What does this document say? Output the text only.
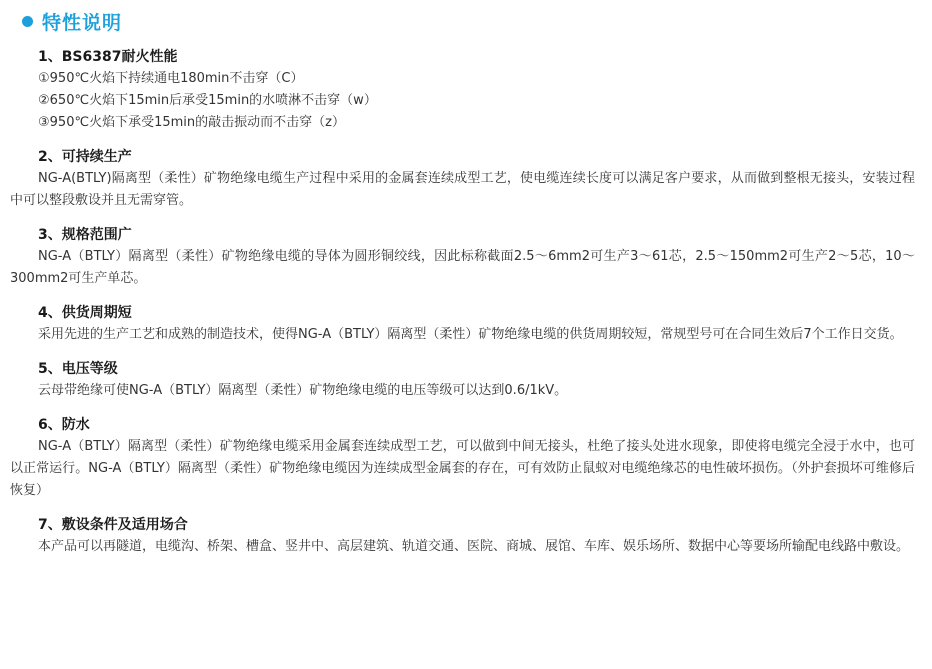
特性说明
1、BS6387耐火性能
①950℃火焰下持续通电180min不击穿（C）
②650℃火焰下15min后承受15min的水喷淋不击穿（w）
③950℃火焰下承受15min的敲击振动而不击穿（z）
2、可持续生产

NG-A(BTLY)隔离型（柔性）矿物绝缘电缆生产过程中采用的金属套连续成型工艺，使电缆连续长度可以满足客户要求，从而做到整根无接头，安装过程中可以整段敷设并且无需穿管。

3、规格范围广

NG-A（BTLY）隔离型（柔性）矿物绝缘电缆的导体为圆形铜绞线，因此标称截面2.5～6mm2可生产3～61芯，2.5～150mm2可生产2～5芯，10～300mm2可生产单芯。

4、供货周期短

采用先进的生产工艺和成熟的制造技术，使得NG-A（BTLY）隔离型（柔性）矿物绝缘电缆的供货周期较短，常规型号可在合同生效后7个工作日交货。

5、电压等级

云母带绝缘可使NG-A（BTLY）隔离型（柔性）矿物绝缘电缆的电压等级可以达到0.6/1kV。

6、防水

NG-A（BTLY）隔离型（柔性）矿物绝缘电缆采用金属套连续成型工艺，可以做到中间无接头，杜绝了接头处进水现象，即使将电缆完全浸于水中，也可以正常运行。NG-A（BTLY）隔离型（柔性）矿物绝缘电缆因为连续成型金属套的存在，可有效防止鼠蚁对电缆绝缘芯的电性破坏损伤。（外护套损坏可维修后恢复）

7、敷设条件及适用场合

本产品可以再隧道，电缆沟、桥架、槽盒、竖井中、高层建筑、轨道交通、医院、商城、展馆、车库、娱乐场所、数据中心等要场所输配电线路中敷设。
